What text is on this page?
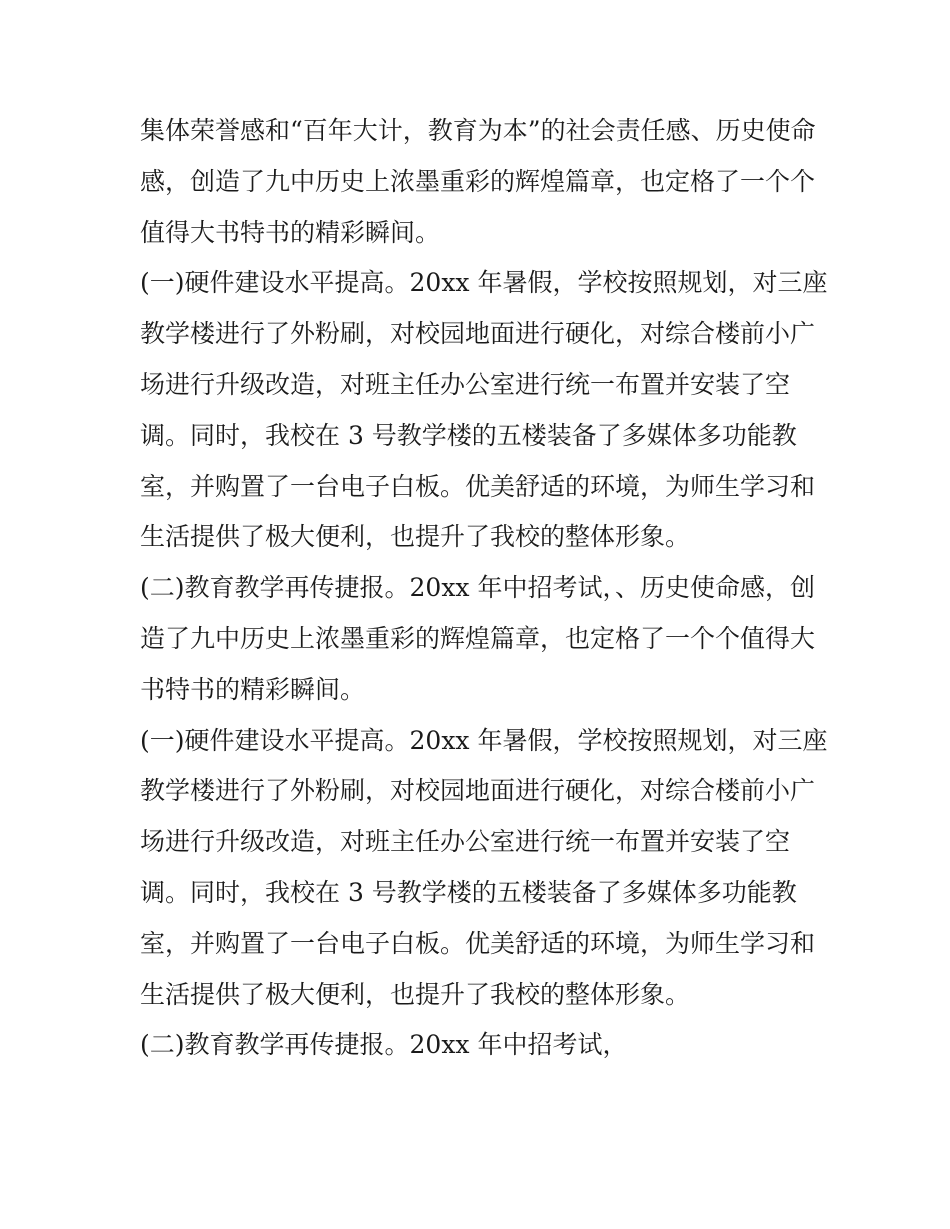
集体荣誉感和“百年大计，教育为本”的社会责任感、历史使命
感，创造了九中历史上浓墨重彩的辉煌篇章，也定格了一个个
值得大书特书的精彩瞬间。
(一)硬件建设水平提高。20xx 年暑假，学校按照规划，对三座
教学楼进行了外粉刷，对校园地面进行硬化，对综合楼前小广
场进行升级改造，对班主任办公室进行统一布置并安装了空
调。同时，我校在 3 号教学楼的五楼装备了多媒体多功能教
室，并购置了一台电子白板。优美舒适的环境，为师生学习和
生活提供了极大便利，也提升了我校的整体形象。
(二)教育教学再传捷报。20xx 年中招考试，、历史使命感，创
造了九中历史上浓墨重彩的辉煌篇章，也定格了一个个值得大
书特书的精彩瞬间。
(一)硬件建设水平提高。20xx 年暑假，学校按照规划，对三座
教学楼进行了外粉刷，对校园地面进行硬化，对综合楼前小广
场进行升级改造，对班主任办公室进行统一布置并安装了空
调。同时，我校在 3 号教学楼的五楼装备了多媒体多功能教
室，并购置了一台电子白板。优美舒适的环境，为师生学习和
生活提供了极大便利，也提升了我校的整体形象。
(二)教育教学再传捷报。20xx 年中招考试，
